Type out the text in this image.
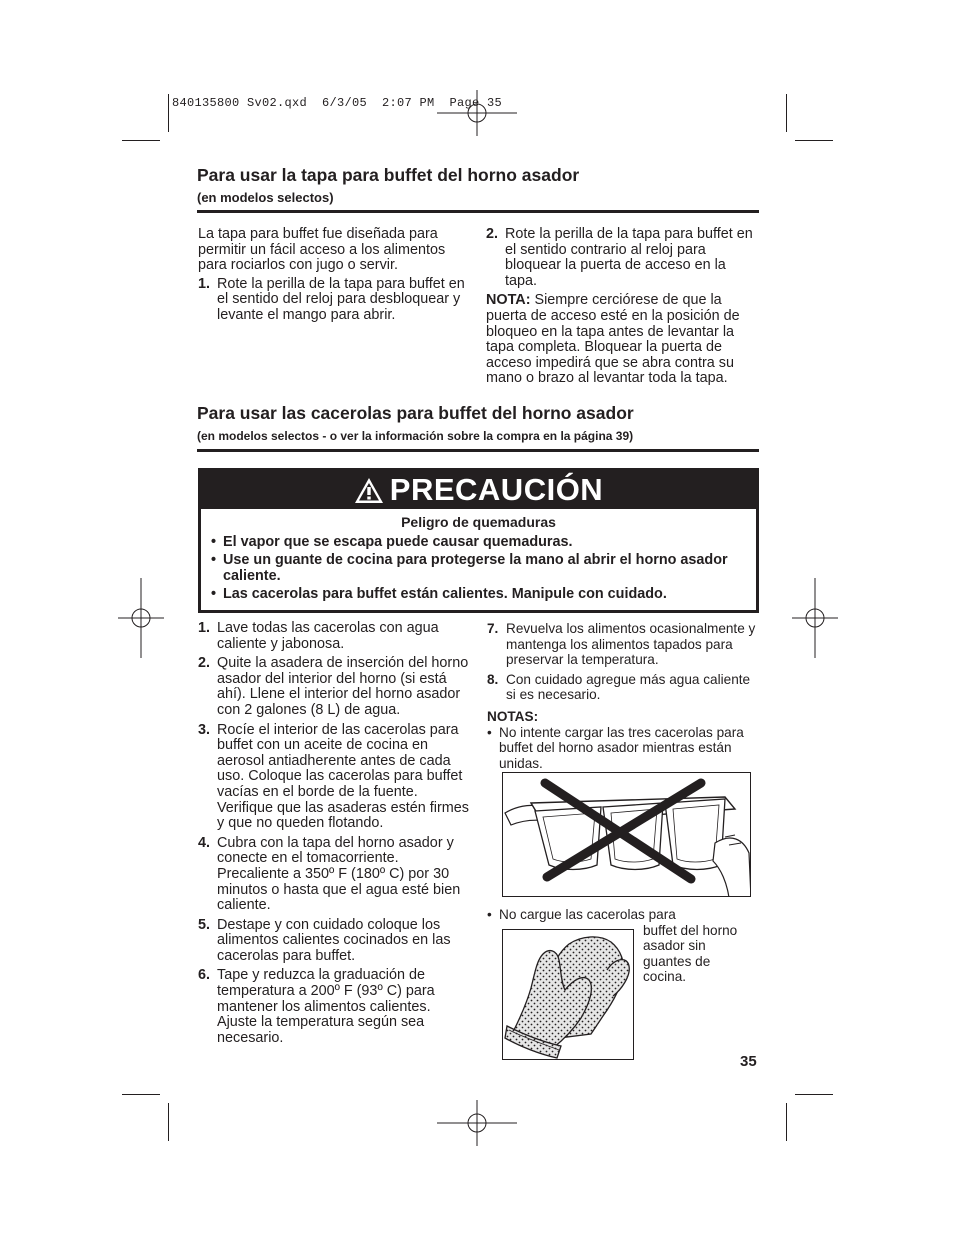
840135800 Sv02.qxd  6/3/05  2:07 PM  Page 35
Para usar la tapa para buffet del horno asador
(en modelos selectos)

La tapa para buffet fue diseñada para permitir un fácil acceso a los alimentos para rociarlos con jugo o servir.

1. Rote la perilla de la tapa para buffet en el sentido del reloj para desbloquear y levante el mango para abrir.
2. Rote la perilla de la tapa para buffet en el sentido contrario al reloj para bloquear la puerta de acceso en la tapa.

NOTA: Siempre cerciórese de que la puerta de acceso esté en la posición de bloqueo en la tapa antes de levantar la tapa completa. Bloquear la puerta de acceso impedirá que se abra contra su mano o brazo al levantar toda la tapa.

Para usar las cacerolas para buffet del horno asador
(en modelos selectos - o ver la información sobre la compra en la página 39)
PRECAUCIÓN
Peligro de quemaduras
• El vapor que se escapa puede causar quemaduras.
• Use un guante de cocina para protegerse la mano al abrir el horno asador caliente.
• Las cacerolas para buffet están calientes. Manipule con cuidado.
1. Lave todas las cacerolas con agua caliente y jabonosa.
2. Quite la asadera de inserción del horno asador del interior del horno (si está ahí). Llene el interior del horno asador con 2 galones (8 L) de agua.
3. Rocíe el interior de las cacerolas para buffet con un aceite de cocina en aerosol antiadherente antes de cada uso. Coloque las cacerolas para buffet vacías en el borde de la fuente. Verifique que las asaderas estén firmes y que no queden flotando.
4. Cubra con la tapa del horno asador y conecte en el tomacorriente. Precaliente a 350º F (180º C) por 30 minutos o hasta que el agua esté bien caliente.
5. Destape y con cuidado coloque los alimentos calientes cocinados en las cacerolas para buffet.
6. Tape y reduzca la graduación de temperatura a 200º F (93º C) para mantener los alimentos calientes. Ajuste la temperatura según sea necesario.
7. Revuelva los alimentos ocasionalmente y mantenga los alimentos tapados para preservar la temperatura.
8. Con cuidado agregue más agua caliente si es necesario.
NOTAS:
• No intente cargar las tres cacerolas para buffet del horno asador mientras están unidas.
• No cargue las cacerolas para
buffet del horno asador sin guantes de cocina.
35
